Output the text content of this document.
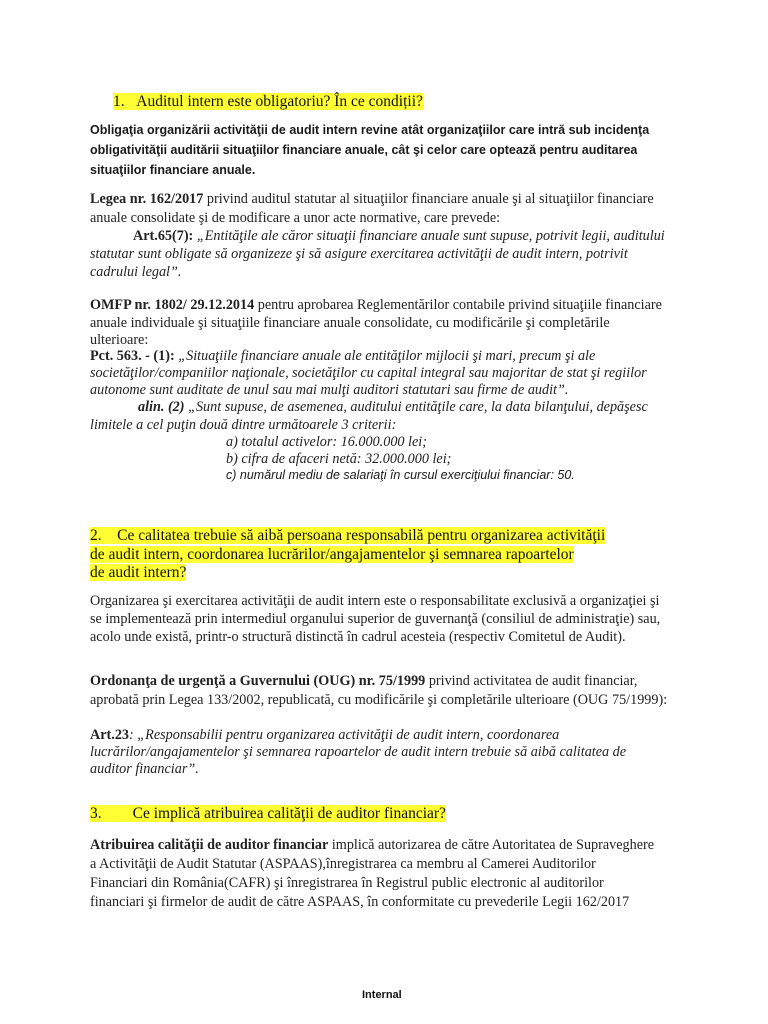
1.   Auditul intern este obligatoriu? În ce condiții?
Obligaţia organizării activităţii de audit intern revine atât organizaţiilor care intră sub incidenţa
obligativităţii auditării situaţiilor financiare anuale, cât şi celor care optează pentru auditarea
situaţiilor financiare anuale.
Legea nr. 162/2017 privind auditul statutar al situaţiilor financiare anuale şi al situaţiilor financiare
anuale consolidate şi de modificare a unor acte normative, care prevede:
Art.65(7): „Entităţile ale căror situaţii financiare anuale sunt supuse, potrivit legii, auditului
statutar sunt obligate să organizeze şi să asigure exercitarea activităţii de audit intern, potrivit
cadrului legal”.
OMFP nr. 1802/ 29.12.2014 pentru aprobarea Reglementărilor contabile privind situaţiile financiare
anuale individuale şi situaţiile financiare anuale consolidate, cu modificările şi completările
ulterioare:
Pct. 563. - (1): „Situaţiile financiare anuale ale entităţilor mijlocii şi mari, precum şi ale
societăţilor/companiilor naţionale, societăţilor cu capital integral sau majoritar de stat şi regiilor
autonome sunt auditate de unul sau mai mulţi auditori statutari sau firme de audit”.
alin. (2) „Sunt supuse, de asemenea, auditului entităţile care, la data bilanţului, depăşesc
limitele a cel puţin două dintre următoarele 3 criterii:
a) totalul activelor: 16.000.000 lei;
b) cifra de afaceri netă: 32.000.000 lei;
c) numărul mediu de salariaţi în cursul exerciţiului financiar: 50.
2.    Ce calitatea trebuie să aibă persoana responsabilă pentru organizarea activităţii
de audit intern, coordonarea lucrărilor/angajamentelor şi semnarea rapoartelor
de audit intern?
Organizarea şi exercitarea activităţii de audit intern este o responsabilitate exclusivă a organizaţiei şi
se implementează prin intermediul organului superior de guvernanţă (consiliul de administraţie) sau,
acolo unde există, printr-o structură distinctă în cadrul acesteia (respectiv Comitetul de Audit).
Ordonanţa de urgenţă a Guvernului (OUG) nr. 75/1999 privind activitatea de audit financiar,
aprobată prin Legea 133/2002, republicată, cu modificările şi completările ulterioare (OUG 75/1999):
Art.23: „Responsabilii pentru organizarea activităţii de audit intern, coordonarea
lucrărilor/angajamentelor şi semnarea rapoartelor de audit intern trebuie să aibă calitatea de
auditor financiar”.
3.        Ce implică atribuirea calităţii de auditor financiar?
Atribuirea calităţii de auditor financiar implică autorizarea de către Autoritatea de Supraveghere
a Activităţii de Audit Statutar (ASPAAS),înregistrarea ca membru al Camerei Auditorilor
Financiari din România(CAFR) şi înregistrarea în Registrul public electronic al auditorilor
financiari şi firmelor de audit de către ASPAAS, în conformitate cu prevederile Legii 162/2017
Internal
